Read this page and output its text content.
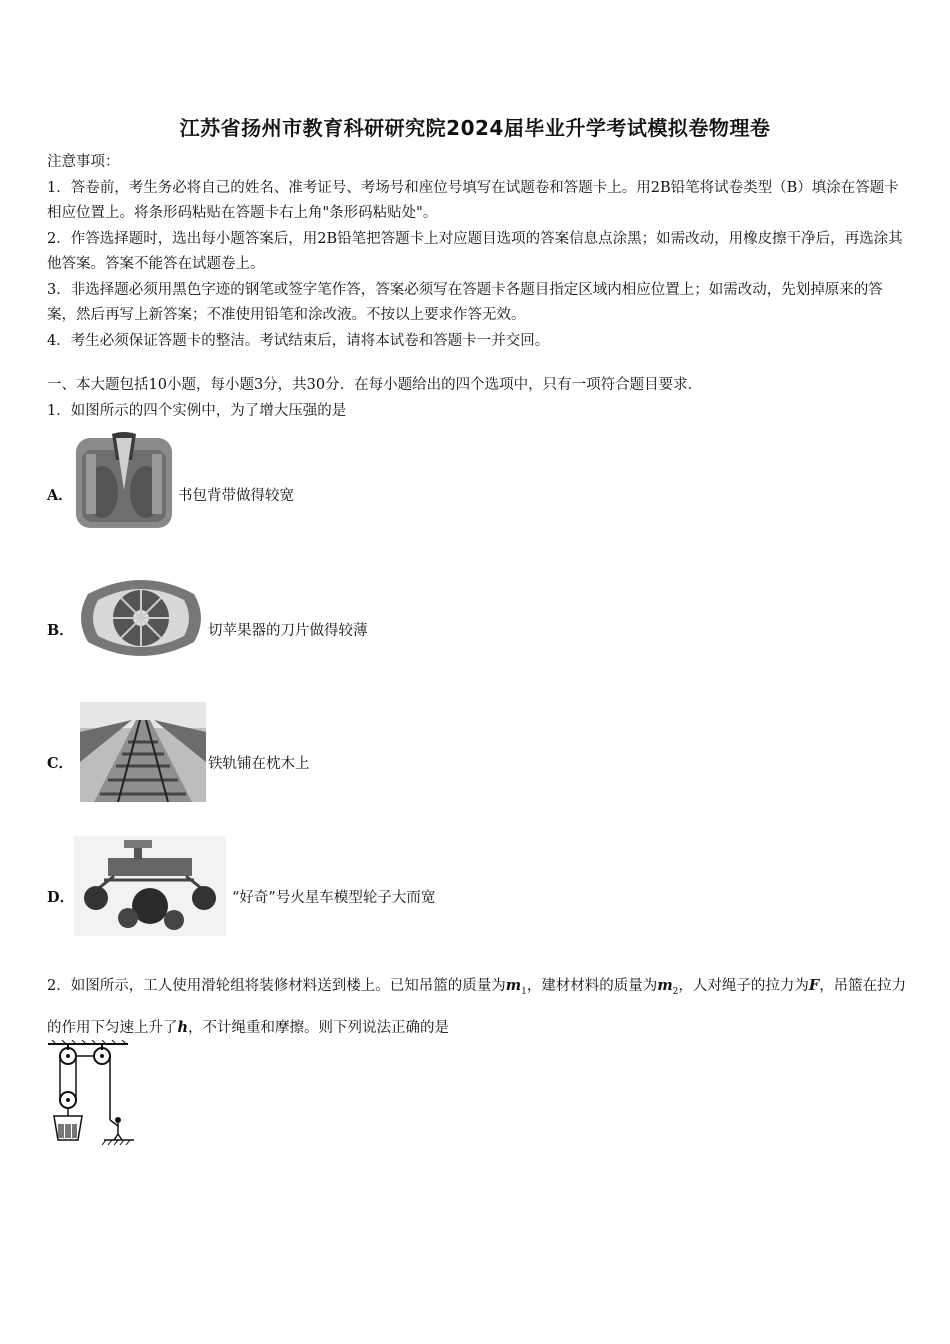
江苏省扬州市教育科研研究院2024届毕业升学考试模拟卷物理卷

注意事项：

1．答卷前，考生务必将自己的姓名、准考证号、考场号和座位号填写在试题卷和答题卡上。用2B铅笔将试卷类型（B）填涂在答题卡相应位置上。将条形码粘贴在答题卡右上角"条形码粘贴处"。

2．作答选择题时，选出每小题答案后，用2B铅笔把答题卡上对应题目选项的答案信息点涂黑；如需改动，用橡皮擦干净后，再选涂其他答案。答案不能答在试题卷上。

3．非选择题必须用黑色字迹的钢笔或签字笔作答，答案必须写在答题卡各题目指定区域内相应位置上；如需改动，先划掉原来的答案，然后再写上新答案；不准使用铅笔和涂改液。不按以上要求作答无效。

4．考生必须保证答题卡的整洁。考试结束后，请将本试卷和答题卡一并交回。

一、本大题包括10小题，每小题3分，共30分．在每小题给出的四个选项中，只有一项符合题目要求．
1．如图所示的四个实例中，为了增大压强的是
A．	书包背带做得较宽
B．	切苹果器的刀片做得较薄
C．	铁轨铺在枕木上
D．	“好奇”号火星车模型轮子大而宽
2．如图所示，工人使用滑轮组将装修材料送到楼上。已知吊篮的质量为$m_1$，建材材料的质量为$m_2$，人对绳子的拉力为F，吊篮在拉力的作用下匀速上升了h，不计绳重和摩擦。则下列说法正确的是
